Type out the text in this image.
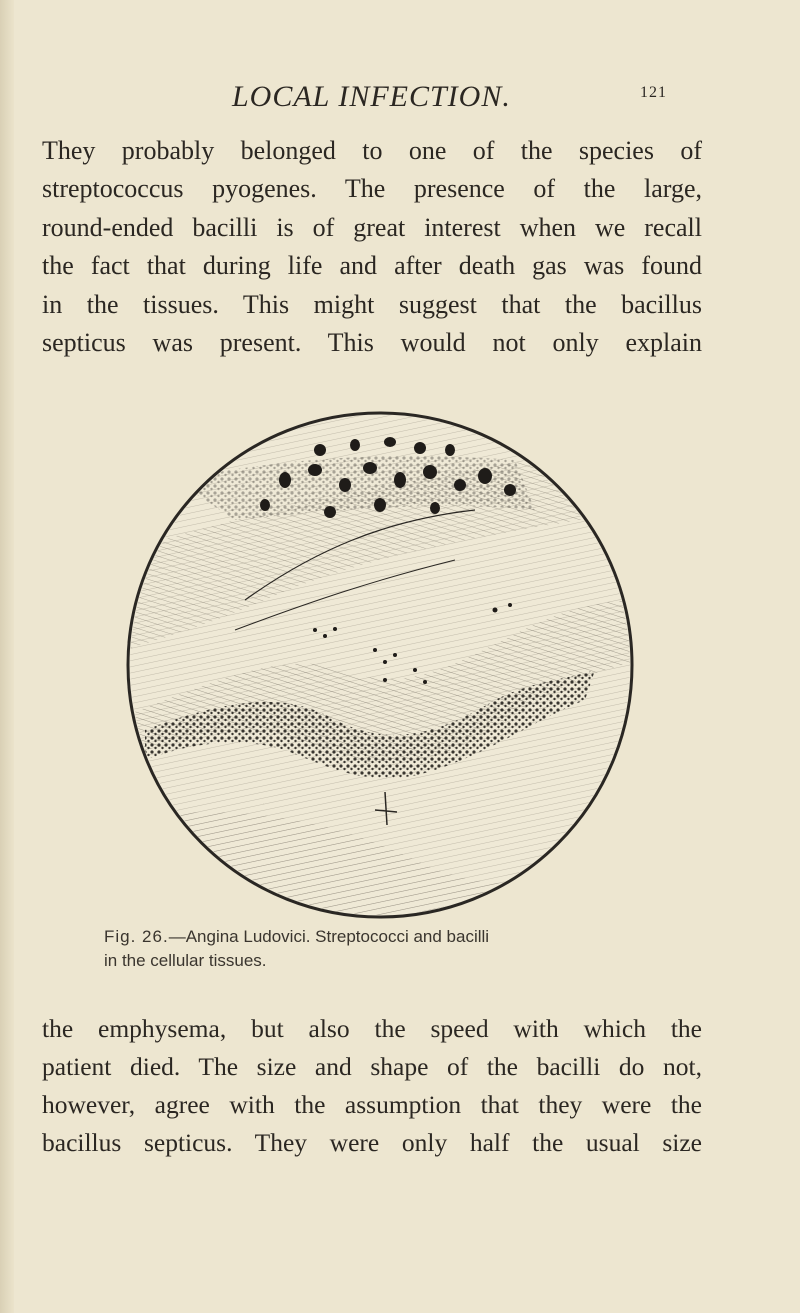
LOCAL INFECTION.	121
They probably belonged to one of the species of
streptococcus pyogenes. The presence of the large,
round-ended bacilli is of great interest when we recall
the fact that during life and after death gas was found
in the tissues. This might suggest that the bacillus
septicus was present. This would not only explain
Fig. 26.—Angina Ludovici. Streptococci and bacilli
in the cellular tissues.
the emphysema, but also the speed with which the
patient died. The size and shape of the bacilli do not,
however, agree with the assumption that they were the
bacillus septicus. They were only half the usual size
